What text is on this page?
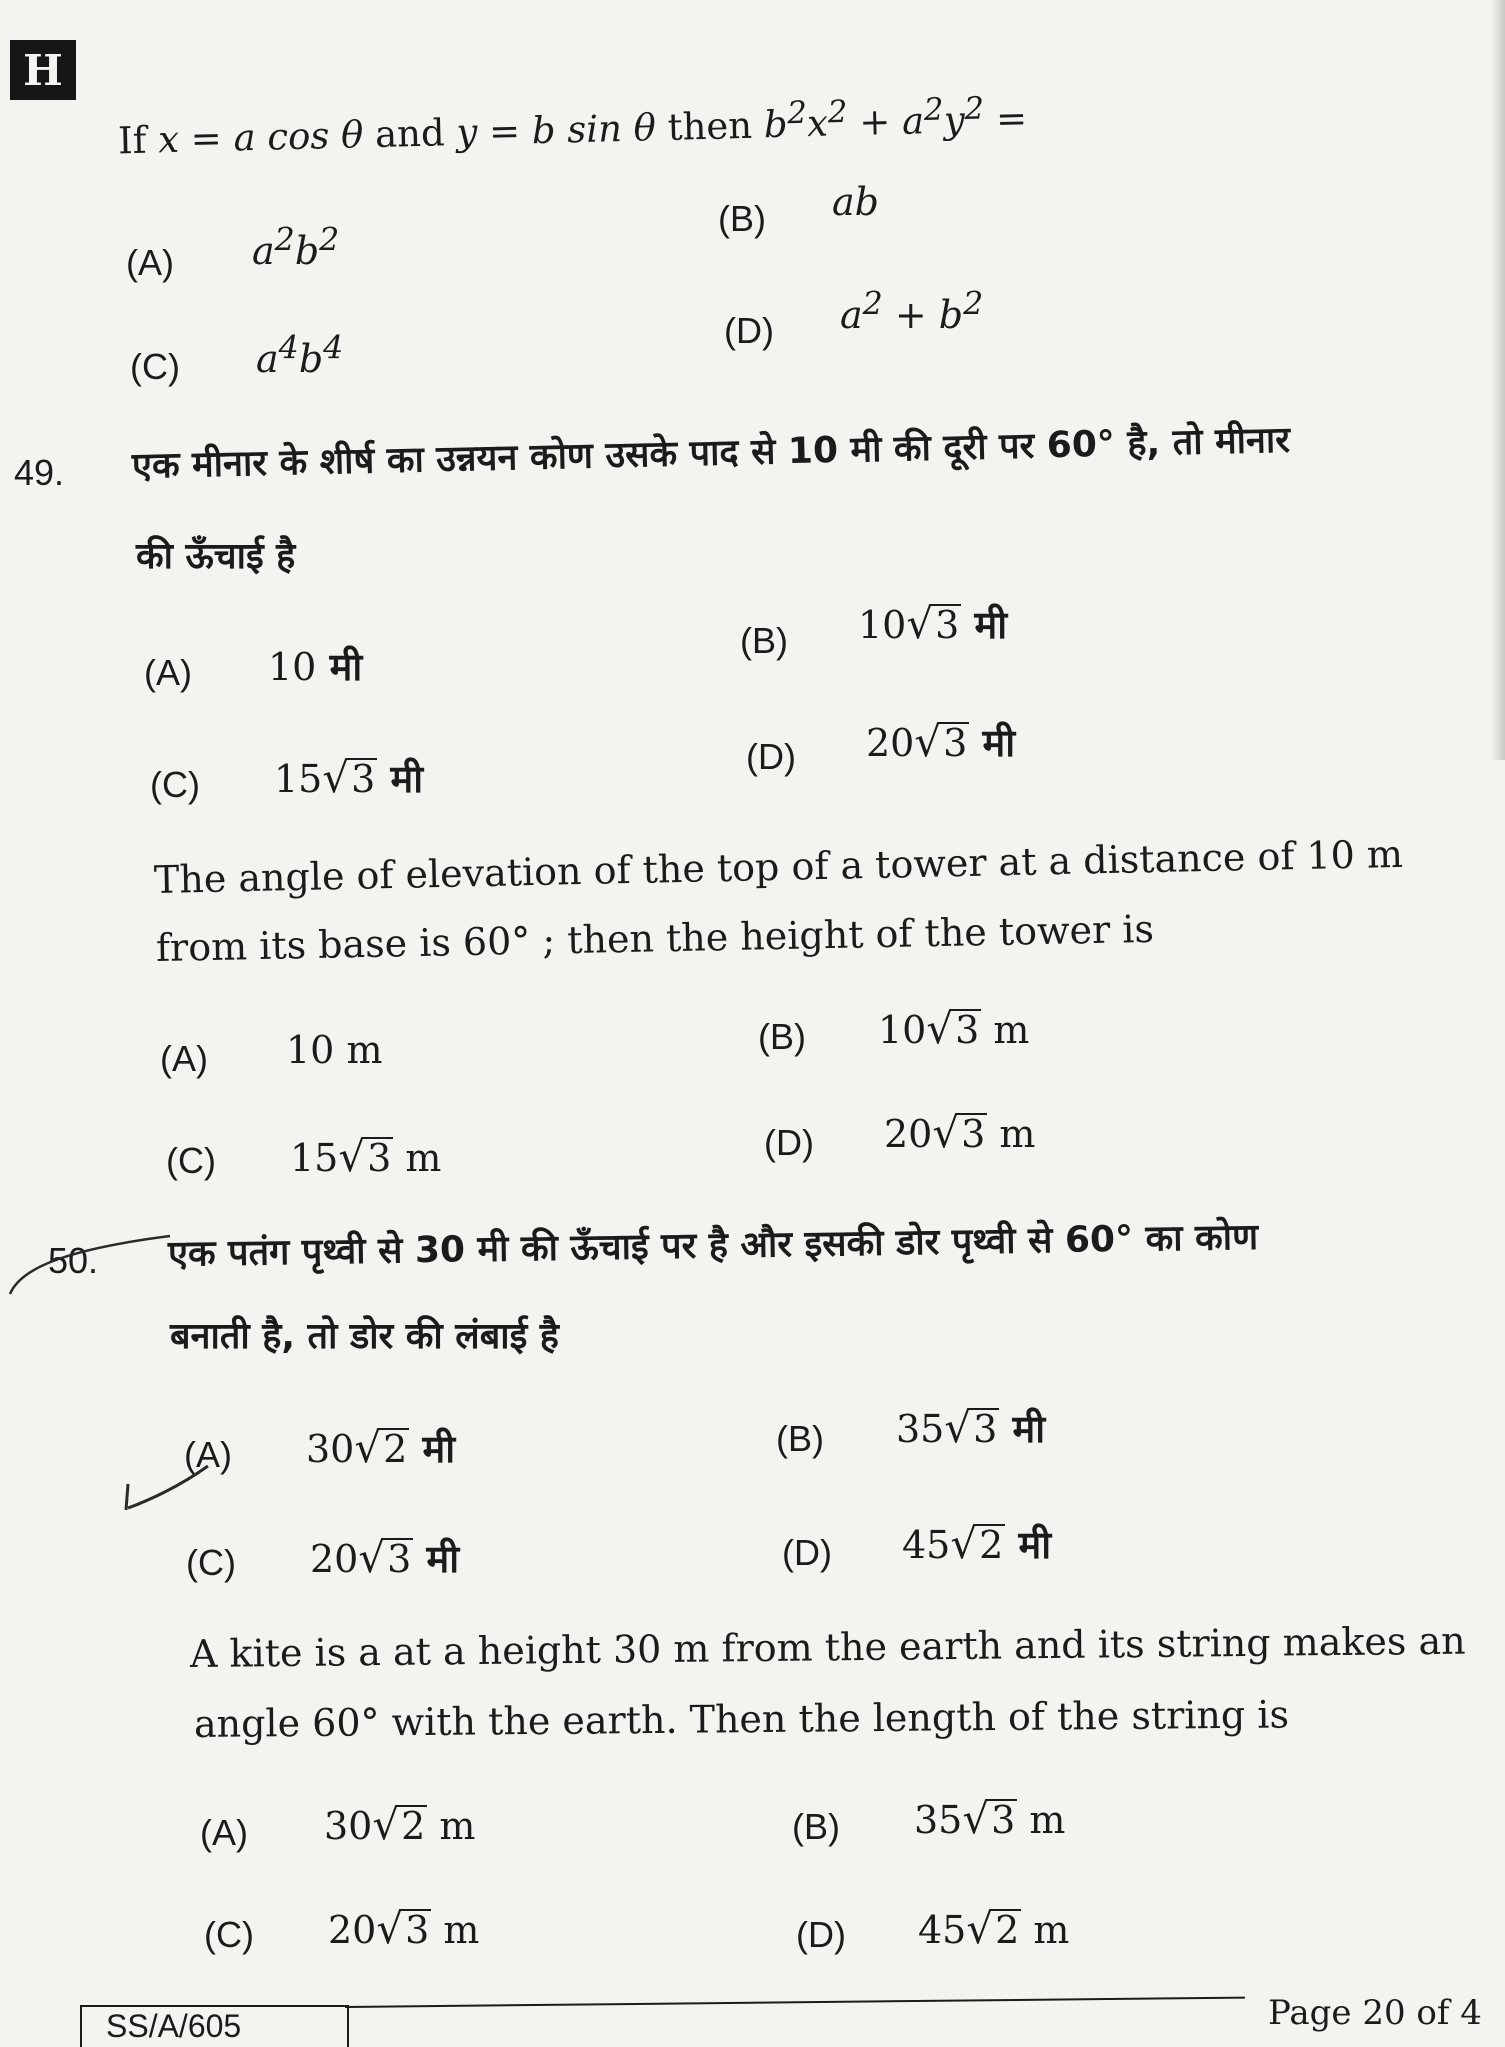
H
If x = a cos θ and y = b sin θ then $b^2x^2 + a^2y^2$ =
(A) $a^2b^2$
(B) ab
(C) $a^4b^4$	(D) $a^2 + b^2$
49. एक मीनार के शीर्ष का उन्नयन कोण उसके पाद से 10 मी की दूरी पर 60° है, तो मीनार
की ऊँचाई है
(A) 10 मी
(B) 10√3 मी
(C) 15√3 मी
(D) 20√3 मी
The angle of elevation of the top of a tower at a distance of 10 m
from its base is 60° ; then the height of the tower is
(A) 10 m	(B) 10√3 m
(C) 15√3 m	(D) 20√3 m
50. एक पतंग पृथ्वी से 30 मी की ऊँचाई पर है और इसकी डोर पृथ्वी से 60° का कोण
बनाती है, तो डोर की लंबाई है
(A) 30√2 मी	(B) 35√3 मी
(C) 20√3 मी	(D) 45√2 मी
A kite is a at a height 30 m from the earth and its string makes an
angle 60° with the earth. Then the length of the string is
(A) 30√2 m	(B) 35√3 m
(C) 20√3 m	(D) 45√2 m
SS/A/605	Page 20 of 4
